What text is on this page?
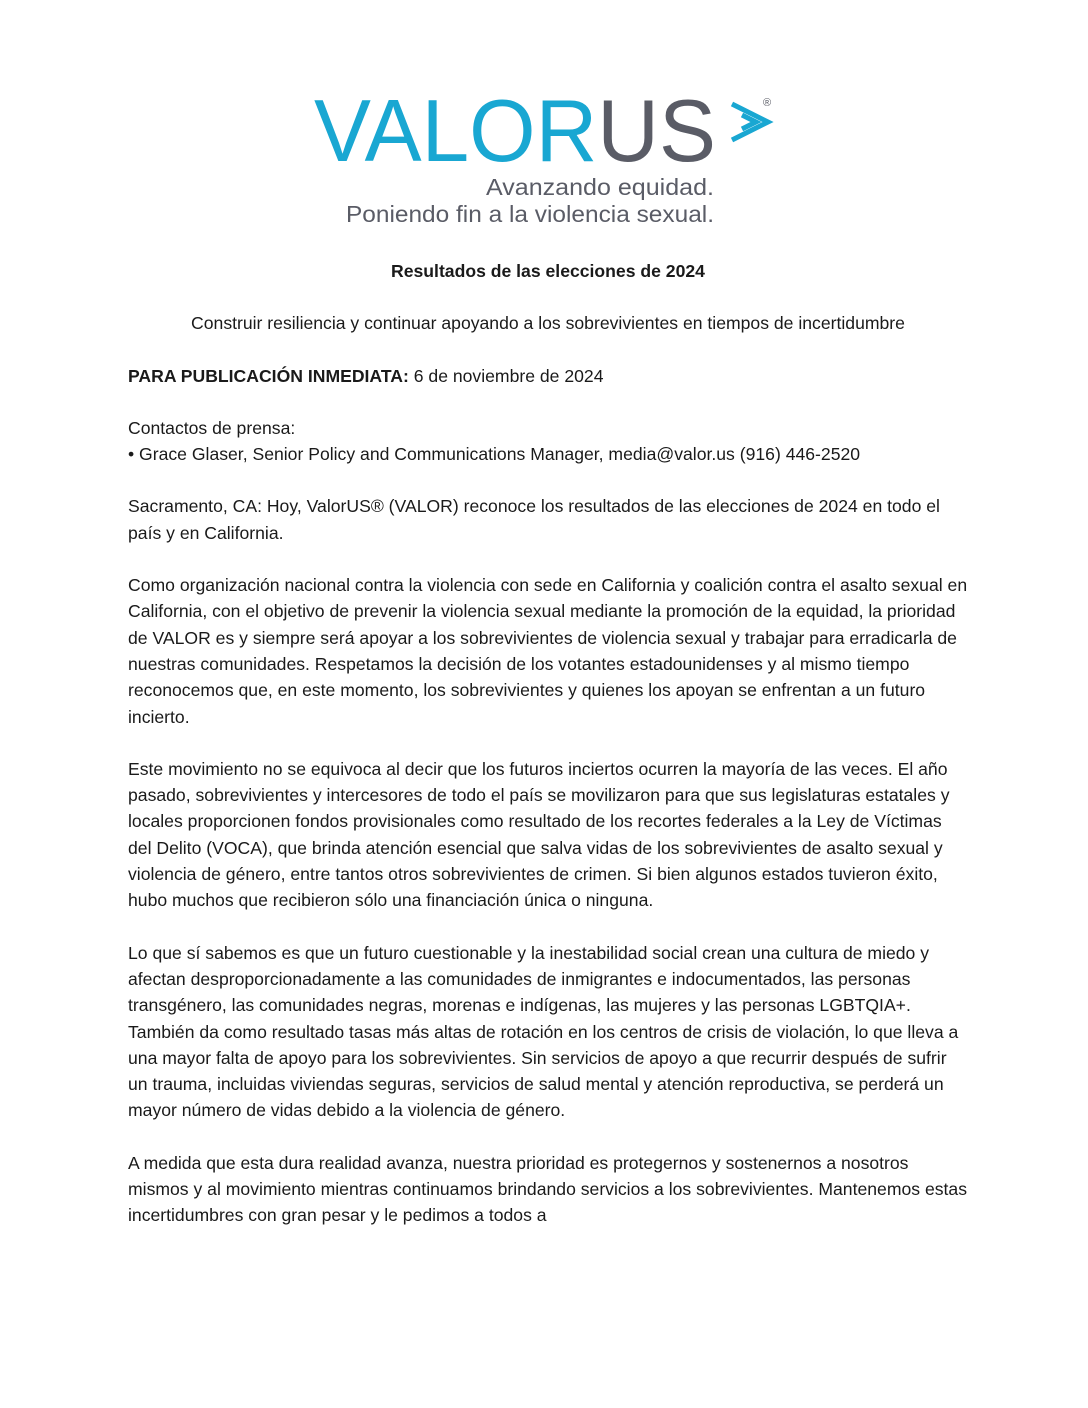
VALORUS	®
Avanzando equidad.
Poniendo fin a la violencia sexual.

Resultados de las elecciones de 2024

Construir resiliencia y continuar apoyando a los sobrevivientes en tiempos de incertidumbre

PARA PUBLICACIÓN INMEDIATA: 6 de noviembre de 2024

Contactos de prensa:

• Grace Glaser, Senior Policy and Communications Manager, media@valor.us (916) 446-2520

Sacramento, CA: Hoy, ValorUS® (VALOR) reconoce los resultados de las elecciones de 2024 en todo el país y en California.

Como organización nacional contra la violencia con sede en California y coalición contra el asalto sexual en California, con el objetivo de prevenir la violencia sexual mediante la promoción de la equidad, la prioridad de VALOR es y siempre será apoyar a los sobrevivientes de violencia sexual y trabajar para erradicarla de nuestras comunidades. Respetamos la decisión de los votantes estadounidenses y al mismo tiempo reconocemos que, en este momento, los sobrevivientes y quienes los apoyan se enfrentan a un futuro incierto.

Este movimiento no se equivoca al decir que los futuros inciertos ocurren la mayoría de las veces. El año pasado, sobrevivientes y intercesores de todo el país se movilizaron para que sus legislaturas estatales y locales proporcionen fondos provisionales como resultado de los recortes federales a la Ley de Víctimas del Delito (VOCA), que brinda atención esencial que salva vidas de los sobrevivientes de asalto sexual y violencia de género, entre tantos otros sobrevivientes de crimen. Si bien algunos estados tuvieron éxito, hubo muchos que recibieron sólo una financiación única o ninguna.

Lo que sí sabemos es que un futuro cuestionable y la inestabilidad social crean una cultura de miedo y afectan desproporcionadamente a las comunidades de inmigrantes e indocumentados, las personas transgénero, las comunidades negras, morenas e indígenas, las mujeres y las personas LGBTQIA+. También da como resultado tasas más altas de rotación en los centros de crisis de violación, lo que lleva a una mayor falta de apoyo para los sobrevivientes. Sin servicios de apoyo a que recurrir después de sufrir un trauma, incluidas viviendas seguras, servicios de salud mental y atención reproductiva, se perderá un mayor número de vidas debido a la violencia de género.

A medida que esta dura realidad avanza, nuestra prioridad es protegernos y sostenernos a nosotros mismos y al movimiento mientras continuamos brindando servicios a los sobrevivientes. Mantenemos estas incertidumbres con gran pesar y le pedimos a todos a
